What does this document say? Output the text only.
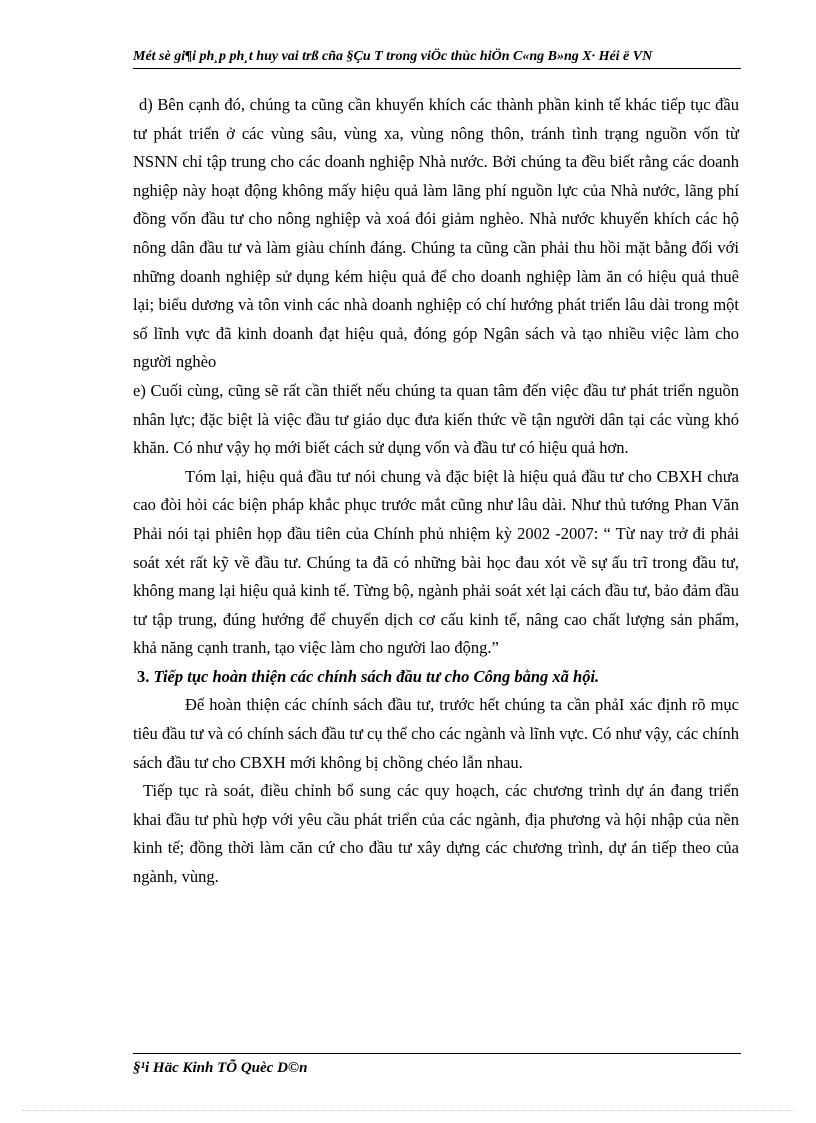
Mét sè gi¶i ph¸p ph¸t huy vai trß cña §Çu T trong viÖc thùc hiÖn C«ng B»ng X· Héi ë VN

d) Bên cạnh đó, chúng ta cũng cần khuyến khích các thành phần kinh tế khác tiếp tục đầu tư phát triển ở các vùng sâu, vùng xa, vùng nông thôn, tránh tình trạng nguồn vốn từ NSNN chỉ tập trung cho các doanh nghiệp Nhà nước. Bởi chúng ta đều biết rằng các doanh nghiệp này hoạt động không mấy hiệu quả làm lãng phí nguồn lực của Nhà nước, lãng phí đồng vốn đầu tư cho nông nghiệp và xoá đói giảm nghèo. Nhà nước khuyến khích các hộ nông dân đầu tư và làm giàu chính đáng. Chúng ta cũng cần phải thu hồi mặt bằng đối với những doanh nghiệp sử dụng kém hiệu quả để cho doanh nghiệp làm ăn có hiệu quả thuê lại; biểu dương và tôn vinh các nhà doanh nghiệp có chí hướng phát triển lâu dài trong một số lĩnh vực đã kinh doanh đạt hiệu quả, đóng góp Ngân sách và tạo nhiều việc làm cho người nghèo

e) Cuối cùng, cũng sẽ rất cần thiết nếu chúng ta quan tâm đến việc đầu tư phát triển nguồn nhân lực; đặc biệt là việc đầu tư giáo dục đưa kiến thức về tận người dân tại các vùng khó khăn. Có như vậy họ mới biết cách sử dụng vốn và đầu tư có hiệu quả hơn.

Tóm lại, hiệu quả đầu tư nói chung và đặc biệt là hiệu quả đầu tư cho CBXH chưa cao đòi hỏi các biện pháp khắc phục trước mắt cũng như lâu dài. Như thủ tướng Phan Văn Phải nói tại phiên họp đầu tiên của Chính phủ nhiệm kỳ 2002 -2007: “ Từ nay trở đi phải soát xét rất kỹ về đầu tư. Chúng ta đã có những bài học đau xót về sự ấu trĩ trong đầu tư, không mang lại hiệu quả kinh tế. Từng bộ, ngành phải soát xét lại cách đầu tư, bảo đảm đầu tư tập trung, đúng hướng để chuyển dịch cơ cấu kinh tế, nâng cao chất lượng sản phẩm, khả năng cạnh tranh, tạo việc làm cho người lao động.”

3. Tiếp tục hoàn thiện các chính sách đầu tư cho Công bằng xã hội.

Để hoàn thiện các chính sách đầu tư, trước hết chúng ta cần phảI xác định rõ mục tiêu đầu tư và có chính sách đầu tư cụ thể cho các ngành và lĩnh vực. Có như vậy, các chính sách đầu tư cho CBXH mới không bị chồng chéo lẫn nhau.

Tiếp tục rà soát, điều chỉnh bổ sung các quy hoạch, các chương trình dự án đang triển khai đầu tư phù hợp với yêu cầu phát triển của các ngành, địa phương và hội nhập của nền kinh tế; đồng thời làm căn cứ cho đầu tư xây dựng các chương trình, dự án tiếp theo của ngành, vùng.

§¹i Häc Kinh TÕ Quèc D©n
